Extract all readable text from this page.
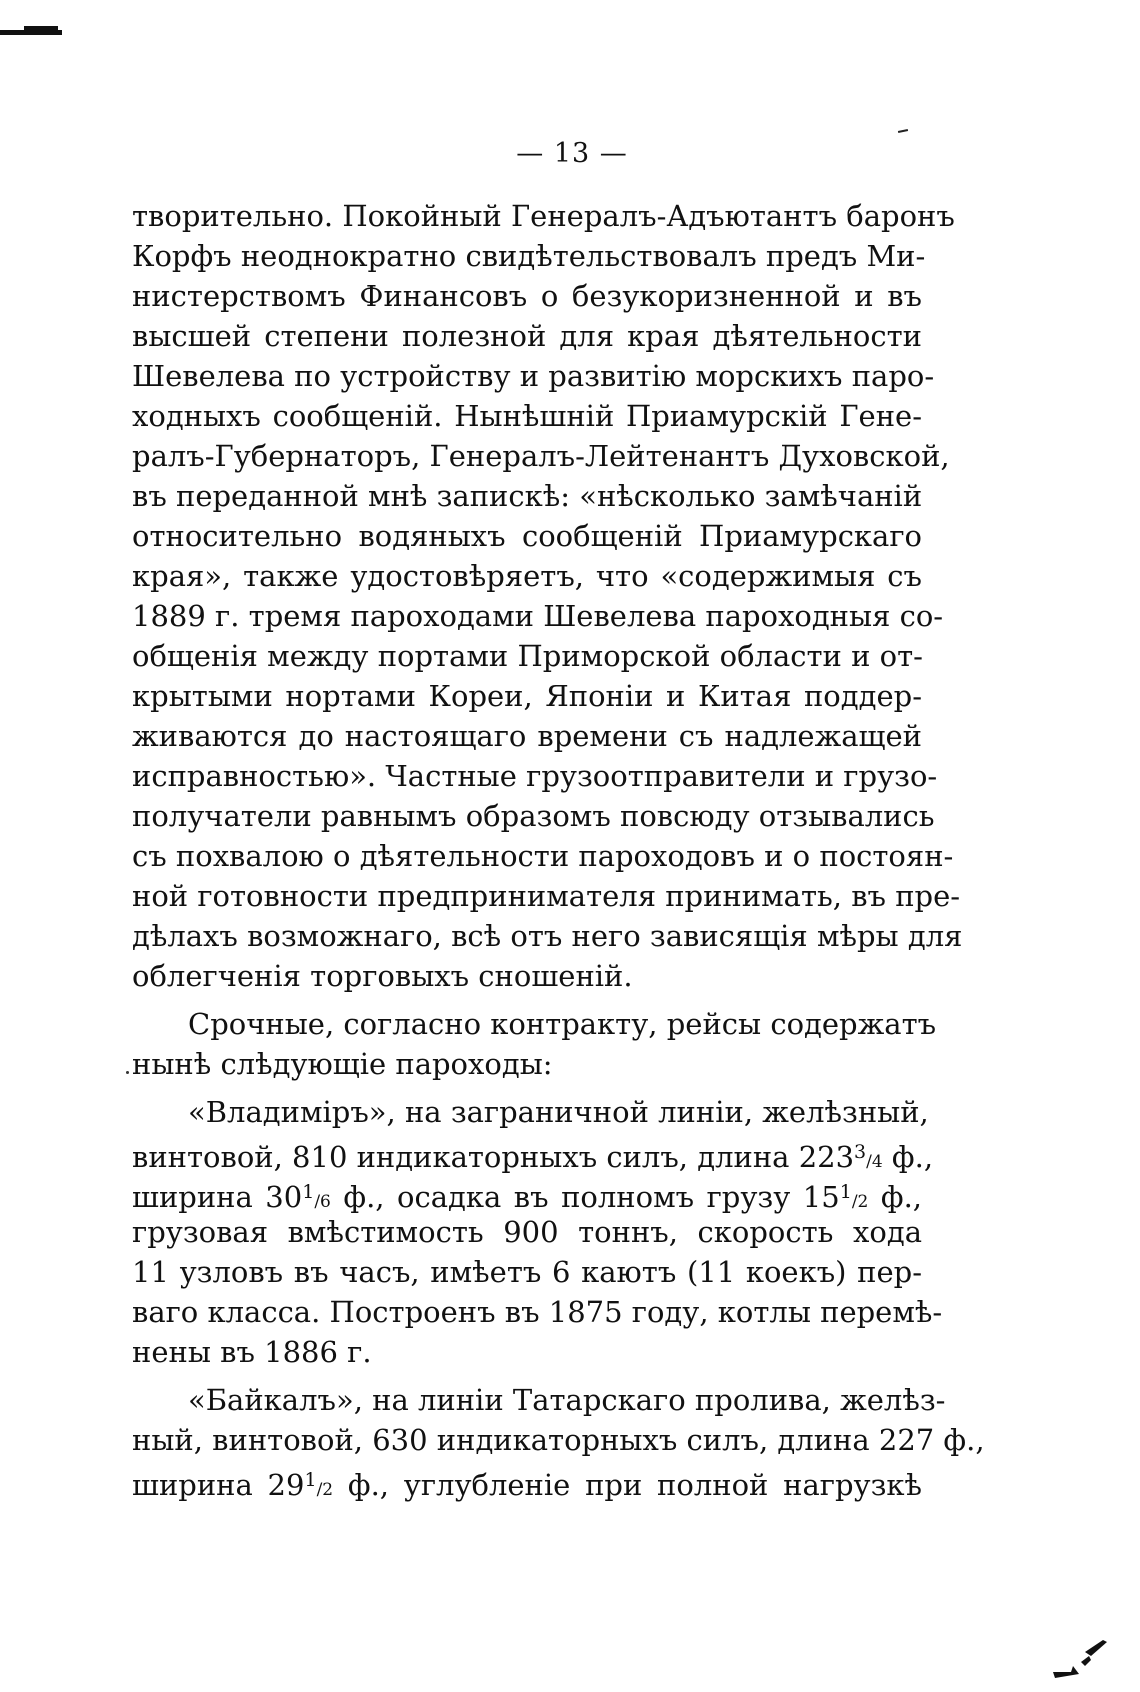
— 13 —
творительно. Покойный Генералъ-Адъютантъ баронъ
Корфъ неоднократно свидѣтельствовалъ предъ Ми-
нистерствомъ Финансовъ о безукоризненной и въ
высшей степени полезной для края дѣятельности
Шевелева по устройству и развитію морскихъ паро-
ходныхъ сообщеній. Нынѣшній Приамурскій Гене-
ралъ-Губернаторъ, Генералъ-Лейтенантъ Духовской,
въ переданной мнѣ запискѣ: «нѣсколько замѣчаній
относительно водяныхъ сообщеній Приамурскаго
края», также удостовѣряетъ, что «содержимыя съ
1889 г. тремя пароходами Шевелева пароходныя со-
общенія между портами Приморской области и от-
крытыми нортами Кореи, Японіи и Китая поддер-
живаются до настоящаго времени съ надлежащей
исправностью». Частные грузоотправители и грузо-
получатели равнымъ образомъ повсюду отзывались
съ похвалою о дѣятельности пароходовъ и о постоян-
ной готовности предпринимателя принимать, въ пре-
дѣлахъ возможнаго, всѣ отъ него зависящія мѣры для
облегченія торговыхъ сношеній.
Срочные, согласно контракту, рейсы содержатъ
нынѣ слѣдующіе пароходы:
«Владиміръ», на заграничной линіи, желѣзный,
винтовой, 810 индикаторныхъ силъ, длина $223^3/4$ ф.,
ширина $30^1/6$ ф., осадка въ полномъ грузу $15^1/2$ ф.,
грузовая вмѣстимость 900 тоннъ, скорость хода
11 узловъ въ часъ, имѣетъ 6 каютъ (11 коекъ) пер-
ваго класса. Построенъ въ 1875 году, котлы перемѣ-
нены въ 1886 г.
«Байкалъ», на линіи Татарскаго пролива, желѣз-
ный, винтовой, 630 индикаторныхъ силъ, длина 227 ф.,
ширина $29^1/2$ ф., углубленіе при полной нагрузкѣ
